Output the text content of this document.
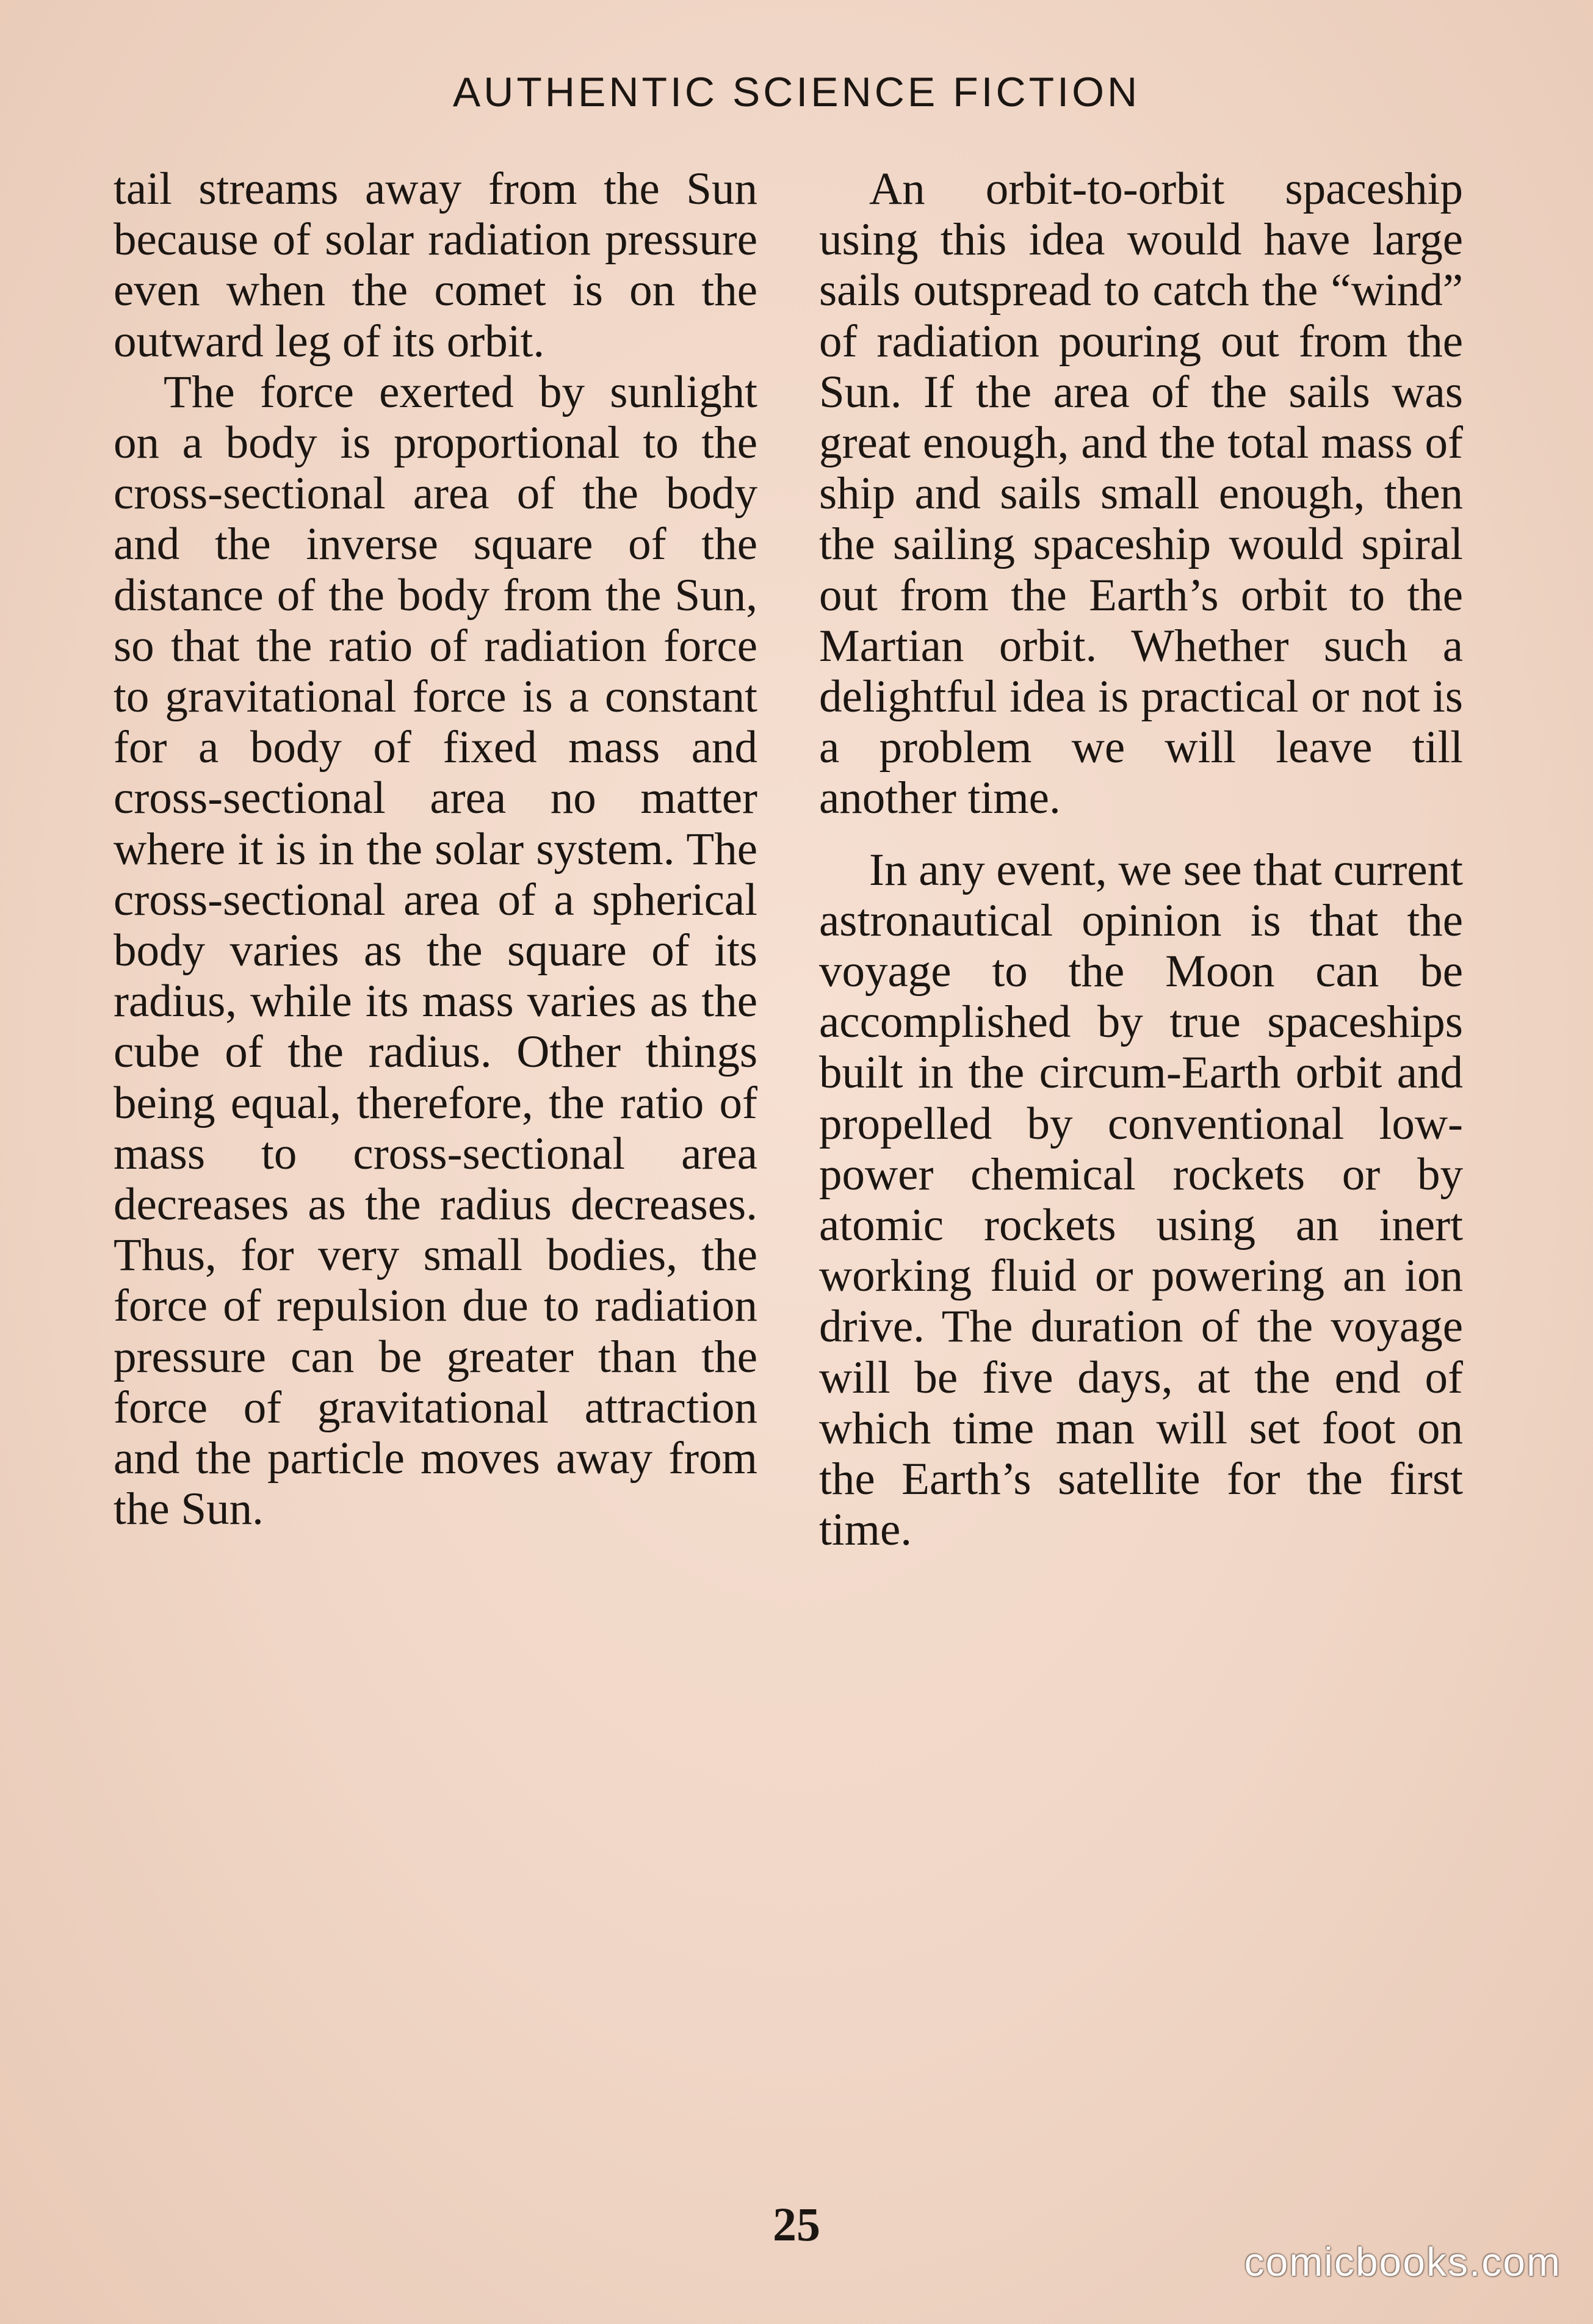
AUTHENTIC SCIENCE FICTION

tail streams away from the Sun because of solar radiation pressure even when the comet is on the outward leg of its orbit.

The force exerted by sunlight on a body is proportional to the cross-sectional area of the body and the inverse square of the distance of the body from the Sun, so that the ratio of radiation force to gravitational force is a constant for a body of fixed mass and cross-sectional area no matter where it is in the solar system. The cross-sectional area of a spherical body varies as the square of its radius, while its mass varies as the cube of the radius. Other things being equal, therefore, the ratio of mass to cross-sectional area decreases as the radius decreases. Thus, for very small bodies, the force of repulsion due to radiation pressure can be greater than the force of gravitational attraction and the particle moves away from the Sun.

An orbit-to-orbit spaceship using this idea would have large sails outspread to catch the “wind” of radiation pouring out from the Sun. If the area of the sails was great enough, and the total mass of ship and sails small enough, then the sailing spaceship would spiral out from the Earth’s orbit to the Martian orbit. Whether such a delightful idea is practical or not is a problem we will leave till another time.

In any event, we see that current astronautical opinion is that the voyage to the Moon can be accomplished by true spaceships built in the circum-Earth orbit and propelled by conventional low-power chemical rockets or by atomic rockets using an inert working fluid or powering an ion drive. The duration of the voyage will be five days, at the end of which time man will set foot on the Earth’s satellite for the first time.

25
comicbooks.com
